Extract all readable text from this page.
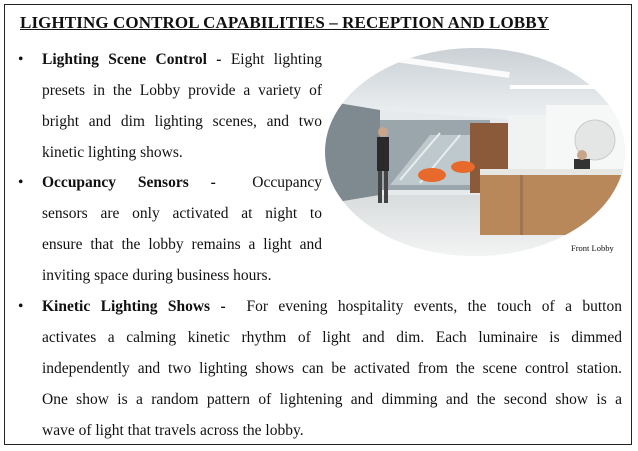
LIGHTING CONTROL CAPABILITIES – RECEPTION AND LOBBY
• Lighting Scene Control - Eight lighting
presets in the Lobby provide a variety of
bright and dim lighting scenes, and two
kinetic lighting shows.
• Occupancy Sensors - Occupancy
sensors are only activated at night to
ensure that the lobby remains a light and
inviting space during business hours.
• Kinetic Lighting Shows - For evening hospitality events, the touch of a button
activates a calming kinetic rhythm of light and dim. Each luminaire is dimmed
independently and two lighting shows can be activated from the scene control station.
One show is a random pattern of lightening and dimming and the second show is a
wave of light that travels across the lobby.
Front Lobby
